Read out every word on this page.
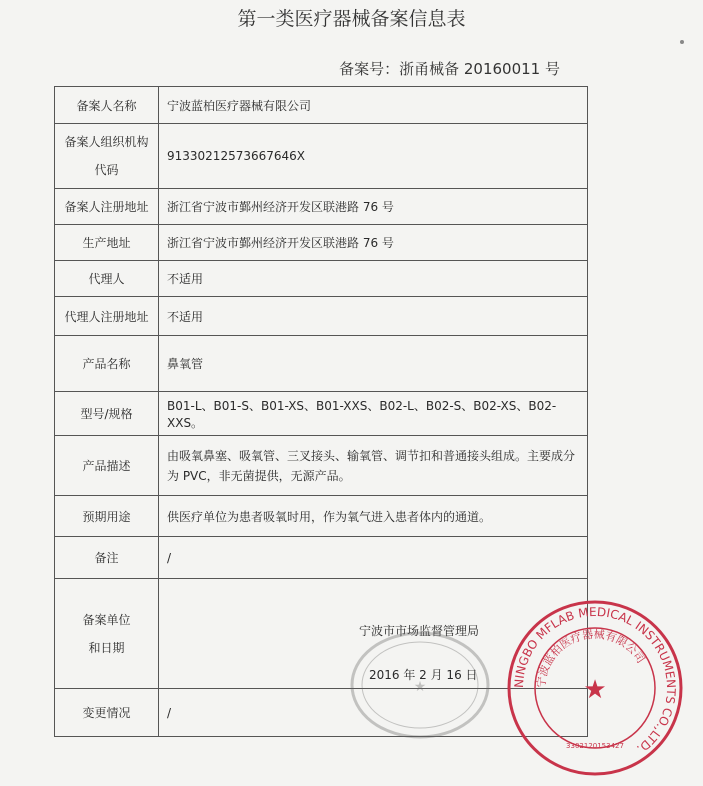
第一类医疗器械备案信息表
备案号：浙甬械备 20160011 号
备案人名称	宁波蓝柏医疗器械有限公司

备案人组织机构
代码	91330212573667646X
备案人注册地址	浙江省宁波市鄞州经济开发区联港路 76 号
生产地址	浙江省宁波市鄞州经济开发区联港路 76 号
代理人	不适用
代理人注册地址	不适用
产品名称	鼻氧管
型号/规格	B01-L、B01-S、B01-XS、B01-XXS、B02-L、B02-S、B02-XS、B02-XXS。
产品描述	由吸氧鼻塞、吸氧管、三叉接头、输氧管、调节扣和普通接头组成。主要成分为 PVC，非无菌提供，无源产品。
预期用途	供医疗单位为患者吸氧时用，作为氧气进入患者体内的通道。
备注	/

备案单位
和日期	宁波市市场监督管理局
2016 年 2 月 16 日

变更情况	/
★	NINGBO MFLAB MEDICAL INSTRUMENTS CO.,LTD.
宁波蓝柏医疗器械有限公司
★
3302120153427
